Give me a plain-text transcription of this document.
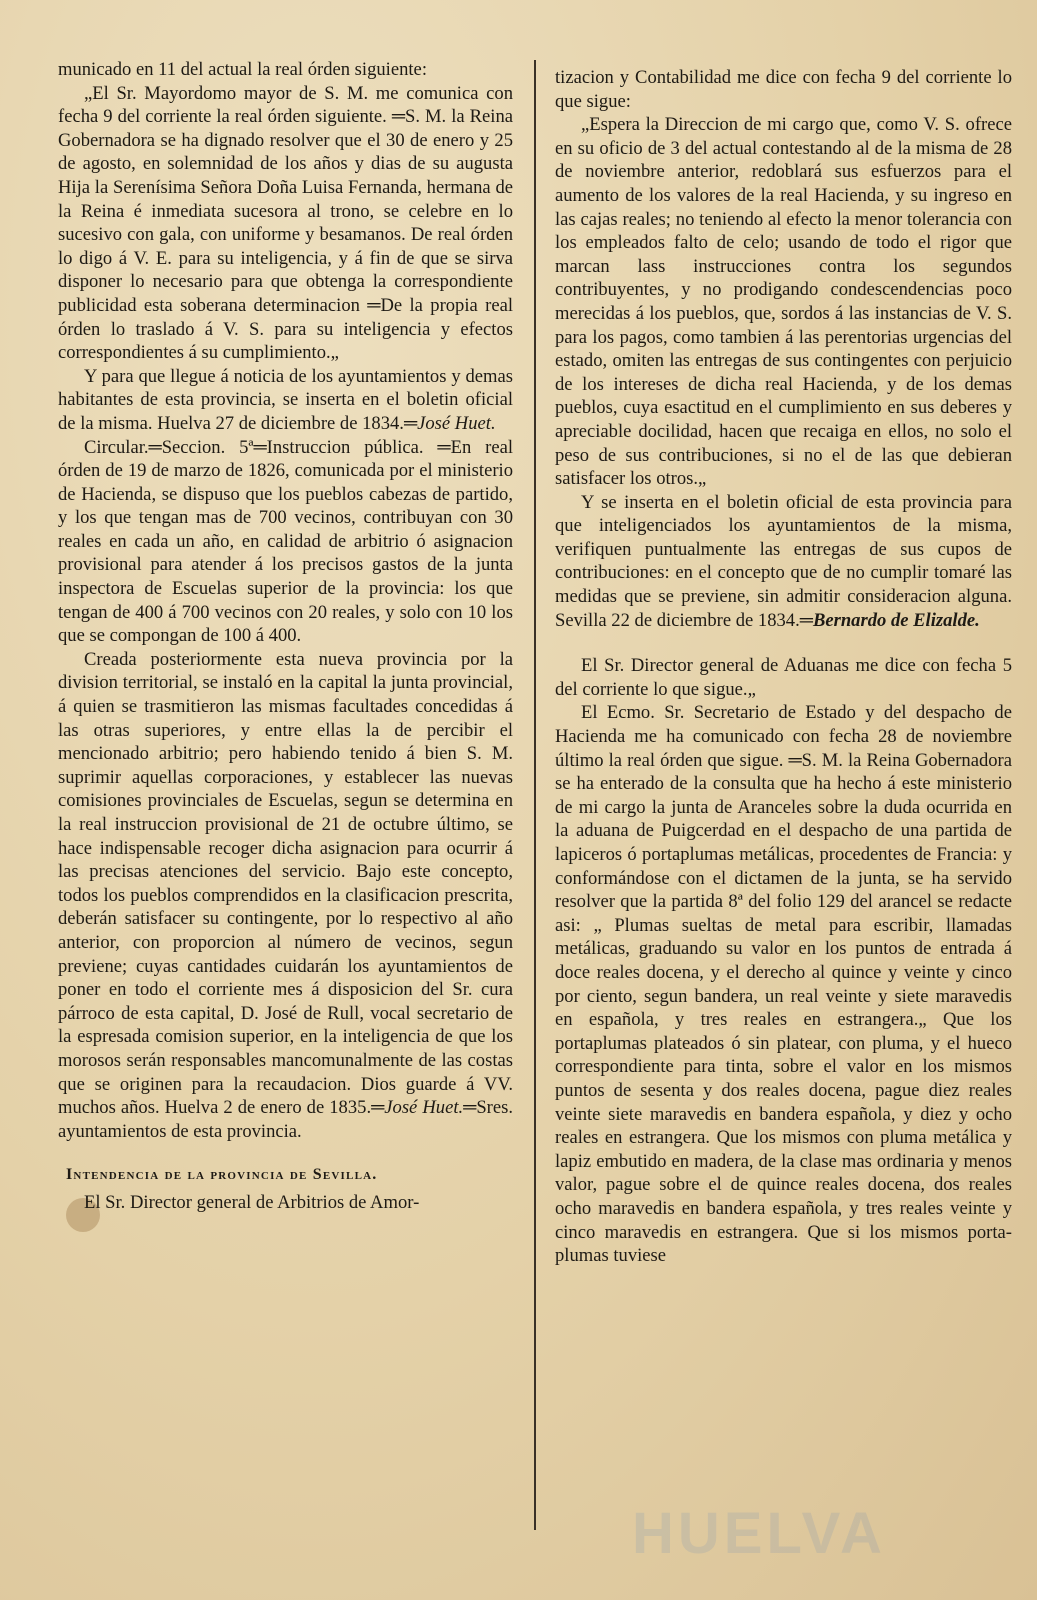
HUELVA

municado en 11 del actual la real órden siguiente:

„El Sr. Mayordomo mayor de S. M. me comunica con fecha 9 del corriente la real órden siguiente. ═S. M. la Reina Gobernadora se ha dignado resolver que el 30 de enero y 25 de agosto, en solemnidad de los años y dias de su augusta Hija la Serenísima Señora Doña Luisa Fernanda, hermana de la Reina é inmediata sucesora al trono, se celebre en lo sucesivo con gala, con uniforme y besamanos. De real órden lo digo á V. E. para su inteligencia, y á fin de que se sirva disponer lo necesario para que obtenga la correspondiente publicidad esta soberana determinacion ═De la propia real órden lo traslado á V. S. para su inteligencia y efectos correspondientes á su cumplimiento.„

Y para que llegue á noticia de los ayuntamientos y demas habitantes de esta provincia, se inserta en el boletin oficial de la misma. Huelva 27 de diciembre de 1834.═José Huet.

Circular.═Seccion. 5ª═Instruccion pública. ═En real órden de 19 de marzo de 1826, comunicada por el ministerio de Hacienda, se dispuso que los pueblos cabezas de partido, y los que tengan mas de 700 vecinos, contribuyan con 30 reales en cada un año, en calidad de arbitrio ó asignacion provisional para atender á los precisos gastos de la junta inspectora de Escuelas superior de la provincia: los que tengan de 400 á 700 vecinos con 20 reales, y solo con 10 los que se compongan de 100 á 400.

Creada posteriormente esta nueva provincia por la division territorial, se instaló en la capital la junta provincial, á quien se trasmitieron las mismas facultades concedidas á las otras superiores, y entre ellas la de percibir el mencionado arbitrio; pero habiendo tenido á bien S. M. suprimir aquellas corporaciones, y establecer las nuevas comisiones provinciales de Escuelas, segun se determina en la real instruccion provisional de 21 de octubre último, se hace indispensable recoger dicha asignacion para ocurrir á las precisas atenciones del servicio. Bajo este concepto, todos los pueblos comprendidos en la clasificacion prescrita, deberán satisfacer su contingente, por lo respectivo al año anterior, con proporcion al número de vecinos, segun previene; cuyas cantidades cuidarán los ayuntamientos de poner en todo el corriente mes á disposicion del Sr. cura párroco de esta capital, D. José de Rull, vocal secretario de la espresada comision superior, en la inteligencia de que los morosos serán responsables mancomunalmente de las costas que se originen para la recaudacion. Dios guarde á VV. muchos años. Huelva 2 de enero de 1835.═José Huet.═Sres. ayuntamientos de esta provincia.

Intendencia de la provincia de Sevilla.

El Sr. Director general de Arbitrios de Amor-

tizacion y Contabilidad me dice con fecha 9 del corriente lo que sigue:

„Espera la Direccion de mi cargo que, como V. S. ofrece en su oficio de 3 del actual contestando al de la misma de 28 de noviembre anterior, redoblará sus esfuerzos para el aumento de los valores de la real Hacienda, y su ingreso en las cajas reales; no teniendo al efecto la menor tolerancia con los empleados falto de celo; usando de todo el rigor que marcan lass instrucciones contra los segundos contribuyentes, y no prodigando condescendencias poco merecidas á los pueblos, que, sordos á las instancias de V. S. para los pagos, como tambien á las perentorias urgencias del estado, omiten las entregas de sus contingentes con perjuicio de los intereses de dicha real Hacienda, y de los demas pueblos, cuya esactitud en el cumplimiento en sus deberes y apreciable docilidad, hacen que recaiga en ellos, no solo el peso de sus contribuciones, si no el de las que debieran satisfacer los otros.„

Y se inserta en el boletin oficial de esta provincia para que inteligenciados los ayuntamientos de la misma, verifiquen puntualmente las entregas de sus cupos de contribuciones: en el concepto que de no cumplir tomaré las medidas que se previene, sin admitir consideracion alguna. Sevilla 22 de diciembre de 1834.═Bernardo de Elizalde.

El Sr. Director general de Aduanas me dice con fecha 5 del corriente lo que sigue.„

El Ecmo. Sr. Secretario de Estado y del despacho de Hacienda me ha comunicado con fecha 28 de noviembre último la real órden que sigue. ═S. M. la Reina Gobernadora se ha enterado de la consulta que ha hecho á este ministerio de mi cargo la junta de Aranceles sobre la duda ocurrida en la aduana de Puigcerdad en el despacho de una partida de lapiceros ó portaplumas metálicas, procedentes de Francia: y conformándose con el dictamen de la junta, se ha servido resolver que la partida 8ª del folio 129 del arancel se redacte asi: „ Plumas sueltas de metal para escribir, llamadas metálicas, graduando su valor en los puntos de entrada á doce reales docena, y el derecho al quince y veinte y cinco por ciento, segun bandera, un real veinte y siete maravedis en española, y tres reales en estrangera.„ Que los portaplumas plateados ó sin platear, con pluma, y el hueco correspondiente para tinta, sobre el valor en los mismos puntos de sesenta y dos reales docena, pague diez reales veinte siete maravedis en bandera española, y diez y ocho reales en estrangera. Que los mismos con pluma metálica y lapiz embutido en madera, de la clase mas ordinaria y menos valor, pague sobre el de quince reales docena, dos reales ocho maravedis en bandera española, y tres reales veinte y cinco maravedis en estrangera. Que si los mismos porta-plumas tuviese
